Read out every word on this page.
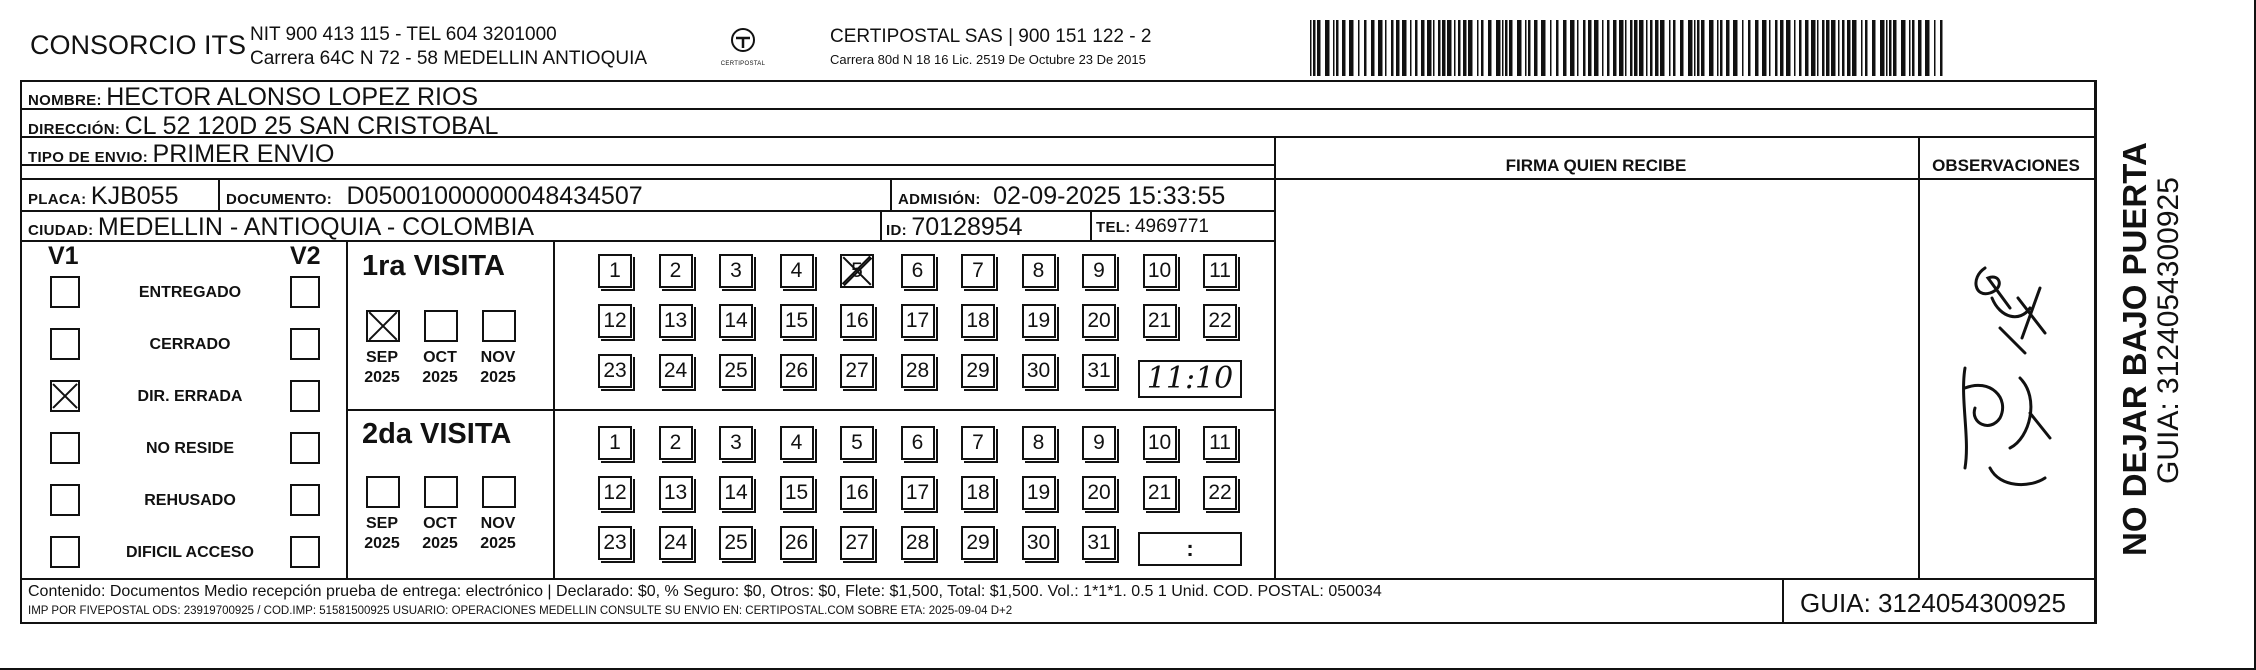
CONSORCIO ITS NIT 900 413 115 - TEL 604 3201000
Carrera 64C N 72 - 58 MEDELLIN ANTIOQUIA	CERTIPOSTAL
CERTIPOSTAL SAS | 900 151 122 - 2
Carrera 80d N 18 16 Lic. 2519 De Octubre 23 De 2015
NOMBRE: HECTOR ALONSO LOPEZ RIOS
DIRECCIÓN: CL 52 120D 25 SAN CRISTOBAL
TIPO DE ENVIO: PRIMER ENVIO	FIRMA QUIEN RECIBE	OBSERVACIONES
PLACA: KJB055	DOCUMENTO: D05001000000048434507	ADMISIÓN: 02-09-2025 15:33:55
CIUDAD: MEDELLIN - ANTIOQUIA - COLOMBIA	ID: 70128954	TEL: 4969771
V1	V2
ENTREGADO
CERRADO
DIR. ERRADA
NO RESIDE
REHUSADO
DIFICIL ACCESO
1ra VISITA
2da VISITA
SEP
2025
OCT
2025
NOV
2025
SEP
2025
OCT
2025
NOV
2025
1	2	3	4	5	6	7	8	9	10 11
12 13 14 15 16 17 18 19 20 21 22
23 24 25 26 27 28 29 30 31
1	2	3	4	5	6	7	8	9	10 11
12 13 14 15 16 17 18 19 20 21 22
23 24 25 26 27 28 29 30 31
11:10
:	NO DEJAR BAJO PUERTA GUIA: 3124054300925
Contenido: Documentos Medio recepción prueba de entrega: electrónico | Declarado: $0, % Seguro: $0, Otros: $0, Flete: $1,500, Total: $1,500. Vol.: 1*1*1. 0.5 1 Unid. COD. POSTAL: 050034
IMP POR FIVEPOSTAL ODS: 23919700925 / COD.IMP: 51581500925 USUARIO: OPERACIONES MEDELLIN CONSULTE SU ENVIO EN: CERTIPOSTAL.COM SOBRE ETA: 2025-09-04 D+2	GUIA: 3124054300925
